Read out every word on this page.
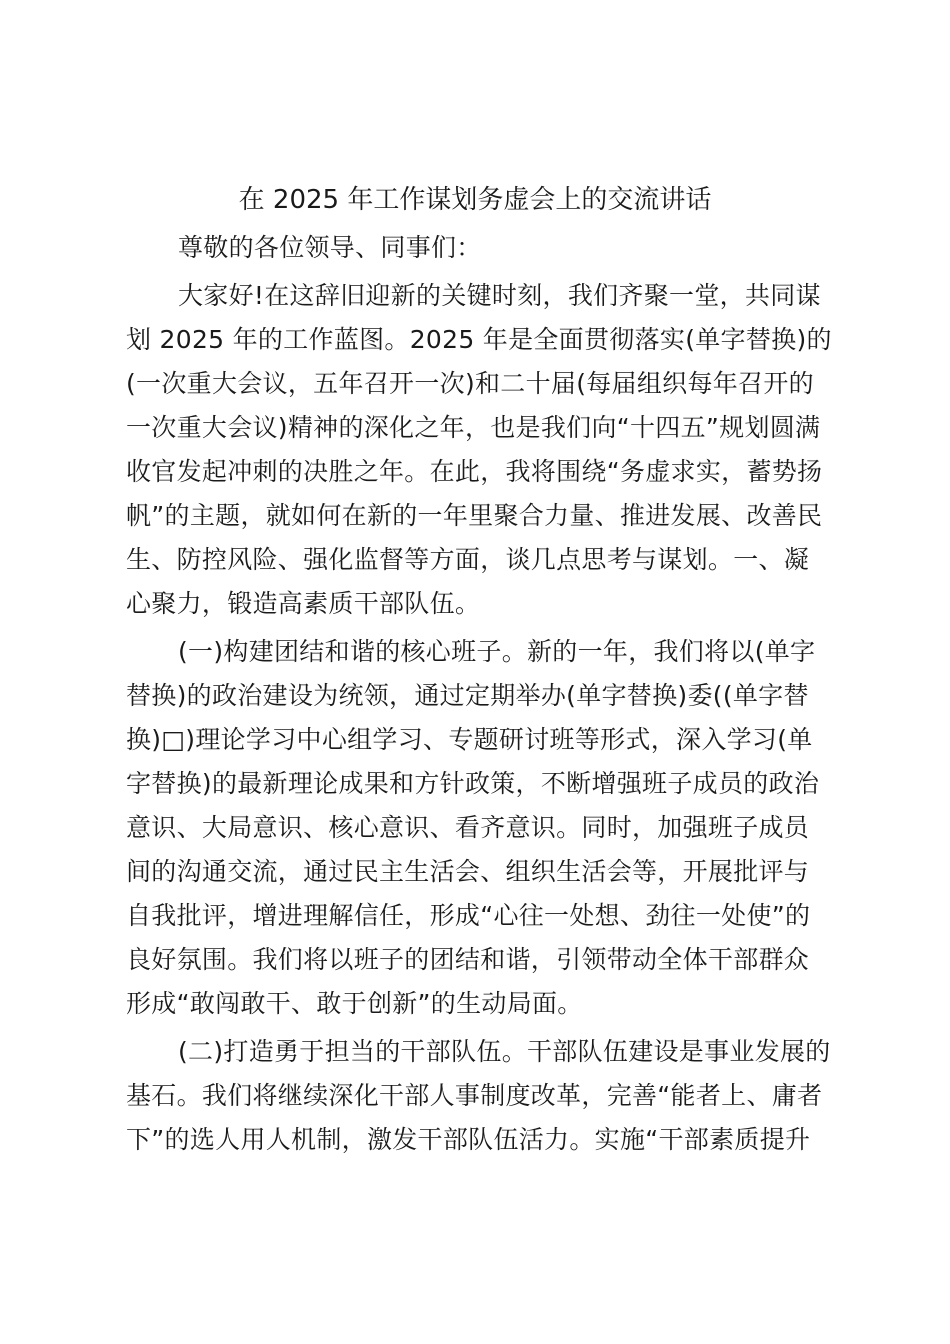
在 2025 年工作谋划务虚会上的交流讲话

尊敬的各位领导、同事们：

大家好!在这辞旧迎新的关键时刻，我们齐聚一堂，共同谋

划 2025 年的工作蓝图。2025 年是全面贯彻落实(单字替换)的

(一次重大会议，五年召开一次)和二十届(每届组织每年召开的

一次重大会议)精神的深化之年，也是我们向“十四五”规划圆满

收官发起冲刺的决胜之年。在此，我将围绕“务虚求实，蓄势扬

帆”的主题，就如何在新的一年里聚合力量、推进发展、改善民

生、防控风险、强化监督等方面，谈几点思考与谋划。一、凝

心聚力，锻造高素质干部队伍。

(一)构建团结和谐的核心班子。新的一年，我们将以(单字

替换)的政治建设为统领，通过定期举办(单字替换)委((单字替

换)□)理论学习中心组学习、专题研讨班等形式，深入学习(单

字替换)的最新理论成果和方针政策，不断增强班子成员的政治

意识、大局意识、核心意识、看齐意识。同时，加强班子成员

间的沟通交流，通过民主生活会、组织生活会等，开展批评与

自我批评，增进理解信任，形成“心往一处想、劲往一处使”的

良好氛围。我们将以班子的团结和谐，引领带动全体干部群众

形成“敢闯敢干、敢于创新”的生动局面。

(二)打造勇于担当的干部队伍。干部队伍建设是事业发展的

基石。我们将继续深化干部人事制度改革，完善“能者上、庸者

下”的选人用人机制，激发干部队伍活力。实施“干部素质提升
